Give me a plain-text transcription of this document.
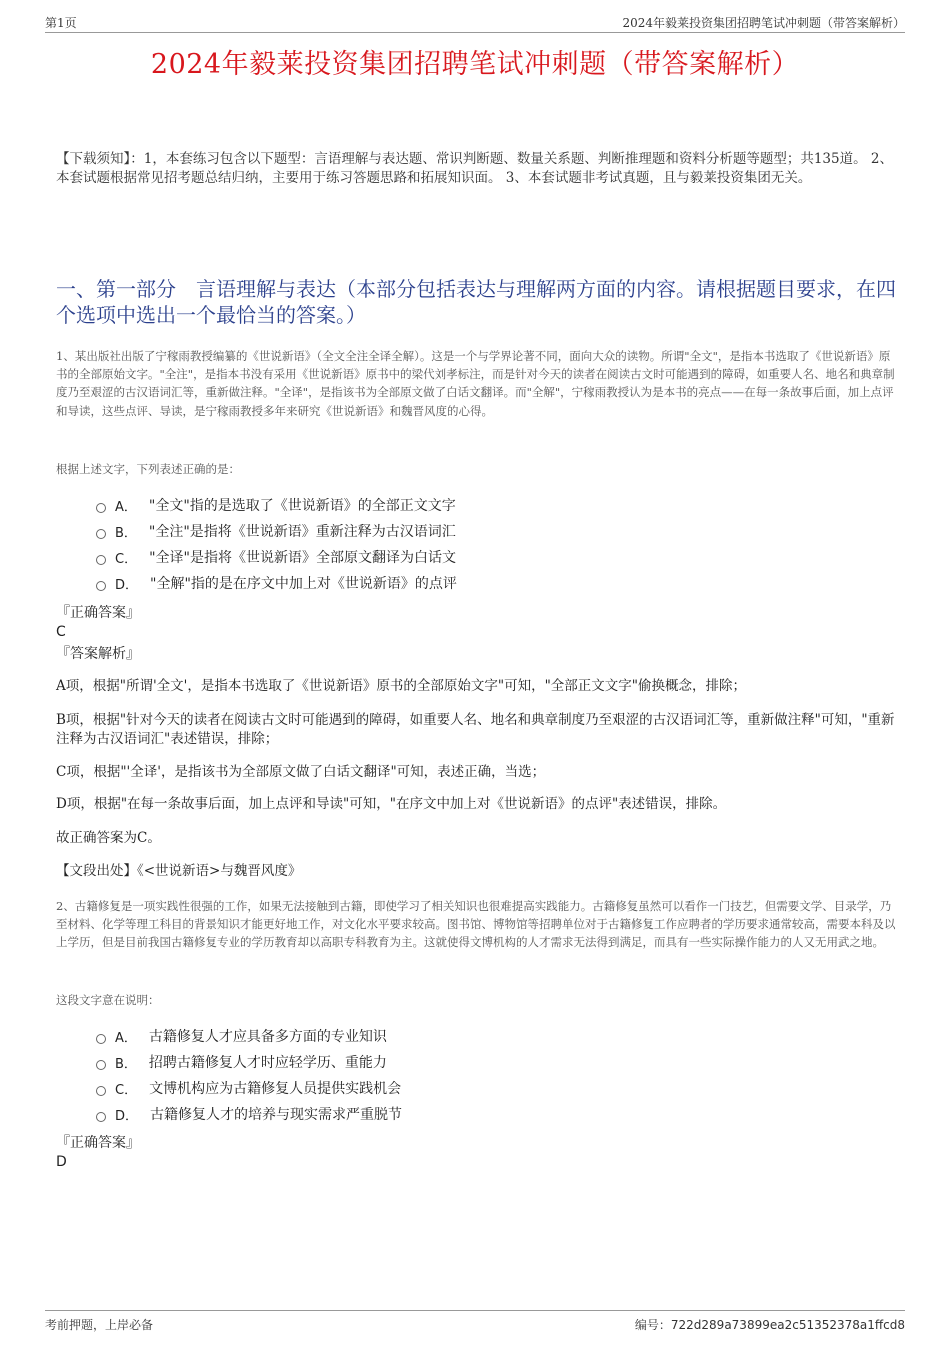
第1页	2024年毅莱投资集团招聘笔试冲刺题（带答案解析）
2024年毅莱投资集团招聘笔试冲刺题（带答案解析）
【下载须知】：1，本套练习包含以下题型：言语理解与表达题、常识判断题、数量关系题、判断推理题和资料分析题等题型；共135道。 2、本套试题根据常见招考题总结归纳，主要用于练习答题思路和拓展知识面。 3、本套试题非考试真题，且与毅莱投资集团无关。
一、第一部分　言语理解与表达（本部分包括表达与理解两方面的内容。请根据题目要求，在四个选项中选出一个最恰当的答案。）

1、某出版社出版了宁稼雨教授编纂的《世说新语》（全文全注全译全解）。这是一个与学界论著不同，面向大众的读物。所谓"全文"，是指本书选取了《世说新语》原书的全部原始文字。"全注"，是指本书没有采用《世说新语》原书中的梁代刘孝标注，而是针对今天的读者在阅读古文时可能遇到的障碍，如重要人名、地名和典章制度乃至艰涩的古汉语词汇等，重新做注释。"全译"，是指该书为全部原文做了白话文翻译。而"全解"，宁稼雨教授认为是本书的亮点——在每一条故事后面，加上点评和导读，这些点评、导读，是宁稼雨教授多年来研究《世说新语》和魏晋风度的心得。

根据上述文字，下列表述正确的是：

A． "全文"指的是选取了《世说新语》的全部正文文字
B． "全注"是指将《世说新语》重新注释为古汉语词汇
C． "全译"是指将《世说新语》全部原文翻译为白话文
D． "全解"指的是在序文中加上对《世说新语》的点评
『正确答案』
C
『答案解析』

A项，根据"所谓'全文'，是指本书选取了《世说新语》原书的全部原始文字"可知，"全部正文文字"偷换概念，排除；

B项，根据"针对今天的读者在阅读古文时可能遇到的障碍，如重要人名、地名和典章制度乃至艰涩的古汉语词汇等，重新做注释"可知，"重新注释为古汉语词汇"表述错误，排除；

C项，根据"'全译'，是指该书为全部原文做了白话文翻译"可知，表述正确，当选；

D项，根据"在每一条故事后面，加上点评和导读"可知，"在序文中加上对《世说新语》的点评"表述错误，排除。

故正确答案为C。

【文段出处】《<世说新语>与魏晋风度》

2、古籍修复是一项实践性很强的工作，如果无法接触到古籍，即使学习了相关知识也很难提高实践能力。古籍修复虽然可以看作一门技艺，但需要文学、目录学，乃至材料、化学等理工科目的背景知识才能更好地工作，对文化水平要求较高。图书馆、博物馆等招聘单位对于古籍修复工作应聘者的学历要求通常较高，需要本科及以上学历，但是目前我国古籍修复专业的学历教育却以高职专科教育为主。这就使得文博机构的人才需求无法得到满足，而具有一些实际操作能力的人又无用武之地。

这段文字意在说明：

A． 古籍修复人才应具备多方面的专业知识
B． 招聘古籍修复人才时应轻学历、重能力
C． 文博机构应为古籍修复人员提供实践机会
D． 古籍修复人才的培养与现实需求严重脱节
『正确答案』
D
考前押题，上岸必备	编号：722d289a73899ea2c51352378a1ffcd8
